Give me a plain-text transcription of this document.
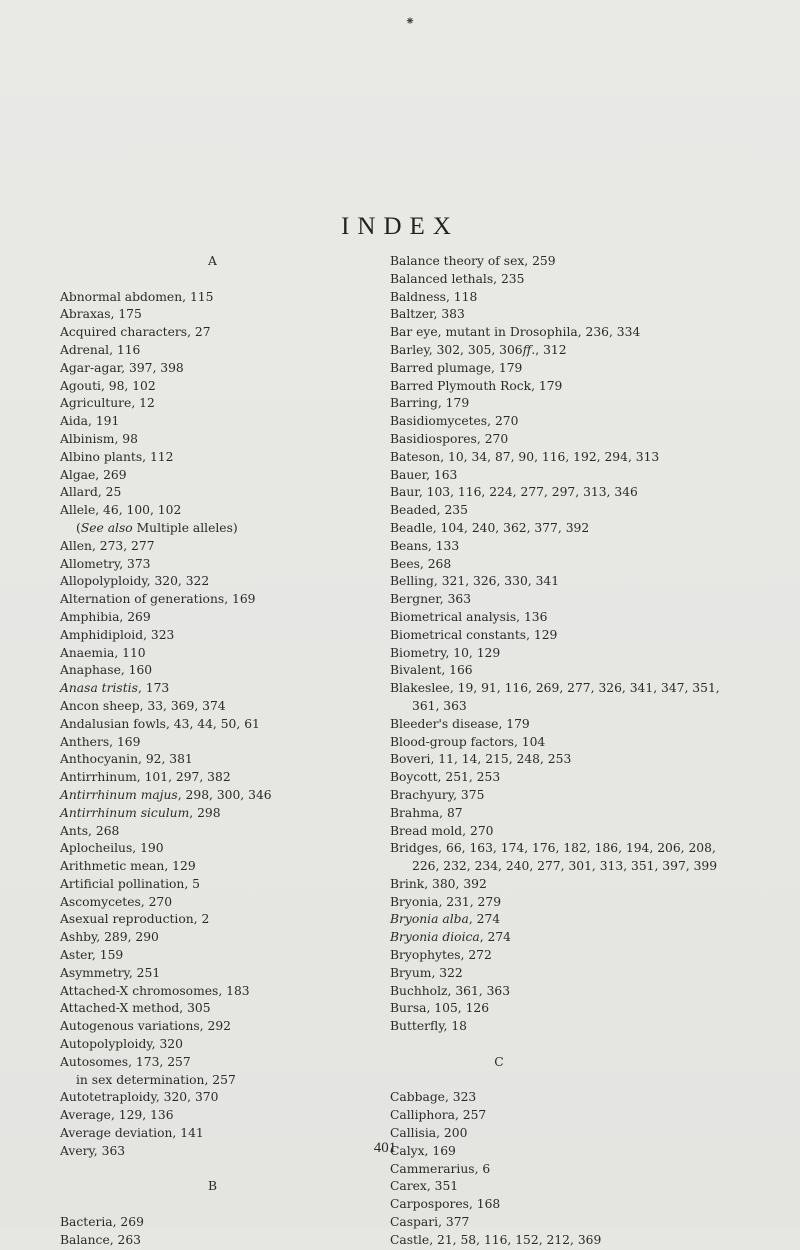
⁕
INDEX
A
Abnormal abdomen, 115
Abraxas, 175
Acquired characters, 27
Adrenal, 116
Agar-agar, 397, 398
Agouti, 98, 102
Agriculture, 12
Aida, 191
Albinism, 98
Albino plants, 112
Algae, 269
Allard, 25
Allele, 46, 100, 102
(See also Multiple alleles)
Allen, 273, 277
Allometry, 373
Allopolyploidy, 320, 322
Alternation of generations, 169
Amphibia, 269
Amphidiploid, 323
Anaemia, 110
Anaphase, 160
Anasa tristis, 173
Ancon sheep, 33, 369, 374
Andalusian fowls, 43, 44, 50, 61
Anthers, 169
Anthocyanin, 92, 381
Antirrhinum, 101, 297, 382
Antirrhinum majus, 298, 300, 346
Antirrhinum siculum, 298
Ants, 268
Aplocheilus, 190
Arithmetic mean, 129
Artificial pollination, 5
Ascomycetes, 270
Asexual reproduction, 2
Ashby, 289, 290
Aster, 159
Asymmetry, 251
Attached-X chromosomes, 183
Attached-X method, 305
Autogenous variations, 292
Autopolyploidy, 320
Autosomes, 173, 257
in sex determination, 257
Autotetraploidy, 320, 370
Average, 129, 136
Average deviation, 141
Avery, 363
B
Bacteria, 269
Balance, 263
Balance theory of sex, 259
Balanced lethals, 235
Baldness, 118
Baltzer, 383
Bar eye, mutant in Drosophila, 236, 334
Barley, 302, 305, 306ff., 312
Barred plumage, 179
Barred Plymouth Rock, 179
Barring, 179
Basidiomycetes, 270
Basidiospores, 270
Bateson, 10, 34, 87, 90, 116, 192, 294, 313
Bauer, 163
Baur, 103, 116, 224, 277, 297, 313, 346
Beaded, 235
Beadle, 104, 240, 362, 377, 392
Beans, 133
Bees, 268
Belling, 321, 326, 330, 341
Bergner, 363
Biometrical analysis, 136
Biometrical constants, 129
Biometry, 10, 129
Bivalent, 166
Blakeslee, 19, 91, 116, 269, 277, 326, 341, 347, 351,
361, 363
Bleeder's disease, 179
Blood-group factors, 104
Boveri, 11, 14, 215, 248, 253
Boycott, 251, 253
Brachyury, 375
Brahma, 87
Bread mold, 270
Bridges, 66, 163, 174, 176, 182, 186, 194, 206, 208,
226, 232, 234, 240, 277, 301, 313, 351, 397, 399
Brink, 380, 392
Bryonia, 231, 279
Bryonia alba, 274
Bryonia dioica, 274
Bryophytes, 272
Bryum, 322
Buchholz, 361, 363
Bursa, 105, 126
Butterfly, 18
C
Cabbage, 323
Calliphora, 257
Callisia, 200
Calyx, 169
Cammerarius, 6
Carex, 351
Carpospores, 168
Caspari, 377
Castle, 21, 58, 116, 152, 212, 369
401
